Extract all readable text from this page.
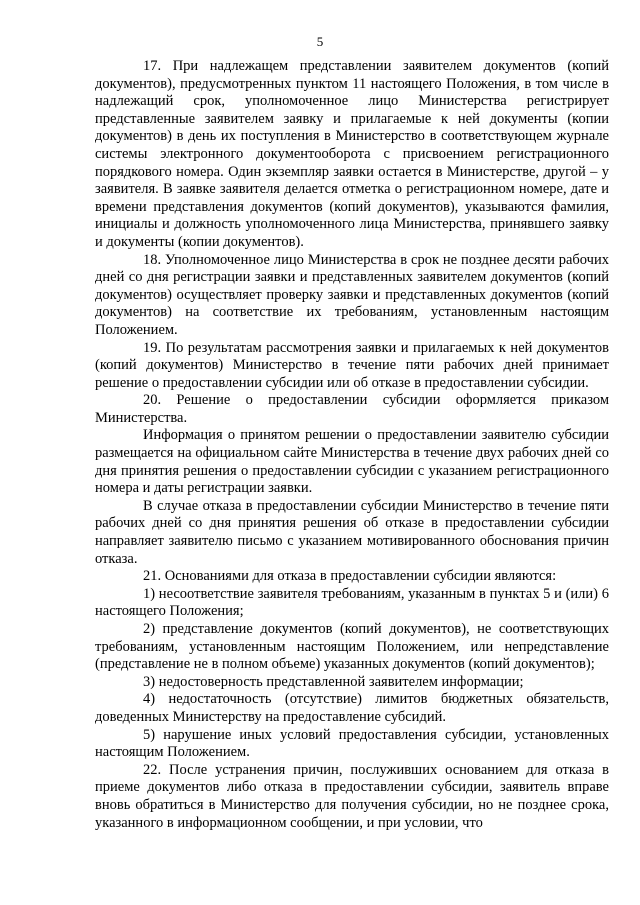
5

17. При надлежащем представлении заявителем документов (копий документов), предусмотренных пунктом 11 настоящего Положения, в том числе в надлежащий срок, уполномоченное лицо Министерства регистрирует представленные заявителем заявку и прилагаемые к ней документы (копии документов) в день их поступления в Министерство в соответствующем журнале системы электронного документооборота с присвоением регистрационного порядкового номера. Один экземпляр заявки остается в Министерстве, другой – у заявителя. В заявке заявителя делается отметка о регистрационном номере, дате и времени представления документов (копий документов), указываются фамилия, инициалы и должность уполномоченного лица Министерства, принявшего заявку и документы (копии документов).

18. Уполномоченное лицо Министерства в срок не позднее десяти рабочих дней со дня регистрации заявки и представленных заявителем документов (копий документов) осуществляет проверку заявки и представленных документов (копий документов) на соответствие их требованиям, установленным настоящим Положением.

19. По результатам рассмотрения заявки и прилагаемых к ней документов (копий документов) Министерство в течение пяти рабочих дней принимает решение о предоставлении субсидии или об отказе в предоставлении субсидии.

20. Решение о предоставлении субсидии оформляется приказом Министерства.

Информация о принятом решении о предоставлении заявителю субсидии размещается на официальном сайте Министерства в течение двух рабочих дней со дня принятия решения о предоставлении субсидии с указанием регистрационного номера и даты регистрации заявки.

В случае отказа в предоставлении субсидии Министерство в течение пяти рабочих дней со дня принятия решения об отказе в предоставлении субсидии направляет заявителю письмо с указанием мотивированного обоснования причин отказа.

21. Основаниями для отказа в предоставлении субсидии являются:

1) несоответствие заявителя требованиям, указанным в пунктах 5 и (или) 6 настоящего Положения;

2) представление документов (копий документов), не соответствующих требованиям, установленным настоящим Положением, или непредставление (представление не в полном объеме) указанных документов (копий документов);

3) недостоверность представленной заявителем информации;

4) недостаточность (отсутствие) лимитов бюджетных обязательств, доведенных Министерству на предоставление субсидий.

5) нарушение иных условий предоставления субсидии, установленных настоящим Положением.

22. После устранения причин, послуживших основанием для отказа в приеме документов либо отказа в предоставлении субсидии, заявитель вправе вновь обратиться в Министерство для получения субсидии, но не позднее срока, указанного в информационном сообщении, и при условии, что
